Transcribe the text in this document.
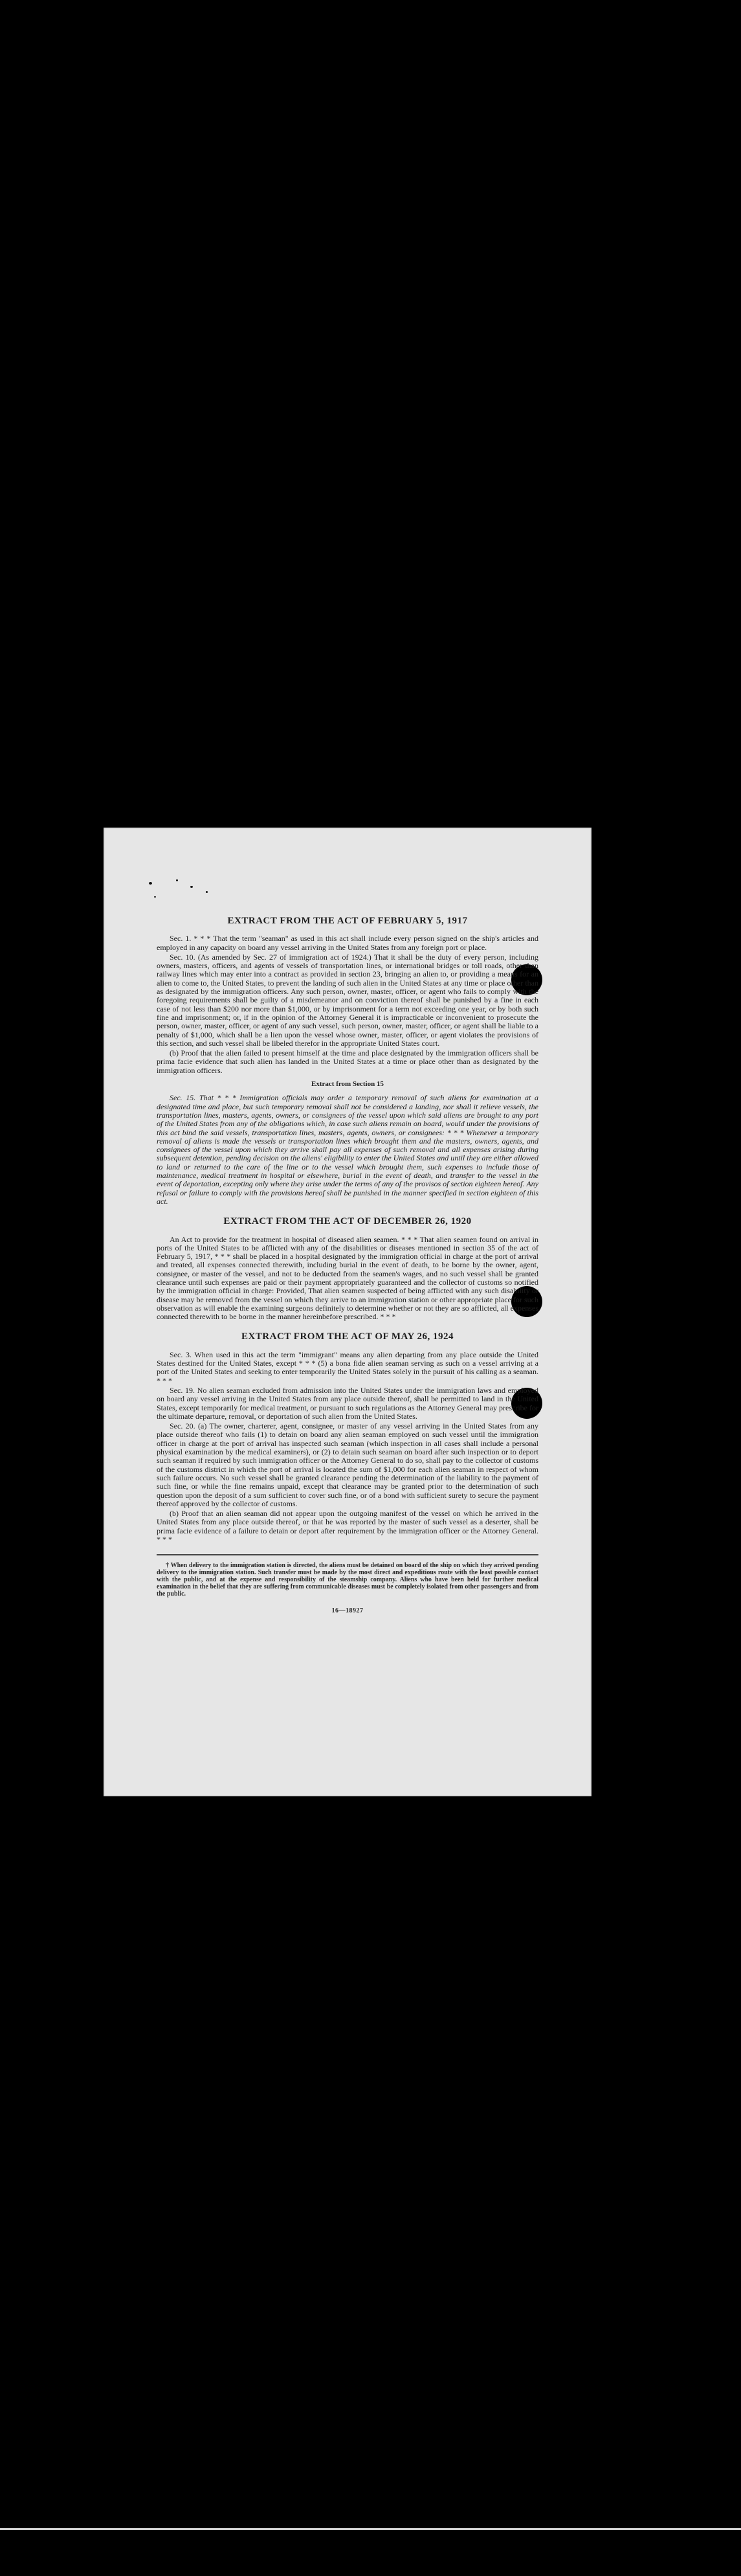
EXTRACT FROM THE ACT OF FEBRUARY 5, 1917

Sec. 1. * * * That the term "seaman" as used in this act shall include every person signed on the ship's articles and employed in any capacity on board any vessel arriving in the United States from any foreign port or place.

Sec. 10. (As amended by Sec. 27 of immigration act of 1924.) That it shall be the duty of every person, including owners, masters, officers, and agents of vessels of transportation lines, or international bridges or toll roads, other than railway lines which may enter into a contract as provided in section 23, bringing an alien to, or providing a means for an alien to come to, the United States, to prevent the landing of such alien in the United States at any time or place other than as designated by the immigration officers. Any such person, owner, master, officer, or agent who fails to comply with the foregoing requirements shall be guilty of a misdemeanor and on conviction thereof shall be punished by a fine in each case of not less than $200 nor more than $1,000, or by imprisonment for a term not exceeding one year, or by both such fine and imprisonment; or, if in the opinion of the Attorney General it is impracticable or inconvenient to prosecute the person, owner, master, officer, or agent of any such vessel, such person, owner, master, officer, or agent shall be liable to a penalty of $1,000, which shall be a lien upon the vessel whose owner, master, officer, or agent violates the provisions of this section, and such vessel shall be libeled therefor in the appropriate United States court.

(b) Proof that the alien failed to present himself at the time and place designated by the immigration officers shall be prima facie evidence that such alien has landed in the United States at a time or place other than as designated by the immigration officers.

Extract from Section 15

Sec. 15. That * * * Immigration officials may order a temporary removal of such aliens for examination at a designated time and place, but such temporary removal shall not be considered a landing, nor shall it relieve vessels, the transportation lines, masters, agents, owners, or consignees of the vessel upon which said aliens are brought to any port of the United States from any of the obligations which, in case such aliens remain on board, would under the provisions of this act bind the said vessels, transportation lines, masters, agents, owners, or consignees: * * * Whenever a temporary removal of aliens is made the vessels or transportation lines which brought them and the masters, owners, agents, and consignees of the vessel upon which they arrive shall pay all expenses of such removal and all expenses arising during subsequent detention, pending decision on the aliens' eligibility to enter the United States and until they are either allowed to land or returned to the care of the line or to the vessel which brought them, such expenses to include those of maintenance, medical treatment in hospital or elsewhere, burial in the event of death, and transfer to the vessel in the event of deportation, excepting only where they arise under the terms of any of the provisos of section eighteen hereof. Any refusal or failure to comply with the provisions hereof shall be punished in the manner specified in section eighteen of this act.

EXTRACT FROM THE ACT OF DECEMBER 26, 1920

An Act to provide for the treatment in hospital of diseased alien seamen. * * * That alien seamen found on arrival in ports of the United States to be afflicted with any of the disabilities or diseases mentioned in section 35 of the act of February 5, 1917, * * * shall be placed in a hospital designated by the immigration official in charge at the port of arrival and treated, all expenses connected therewith, including burial in the event of death, to be borne by the owner, agent, consignee, or master of the vessel, and not to be deducted from the seamen's wages, and no such vessel shall be granted clearance until such expenses are paid or their payment appropriately guaranteed and the collector of customs so notified by the immigration official in charge: Provided, That alien seamen suspected of being afflicted with any such disability or disease may be removed from the vessel on which they arrive to an immigration station or other appropriate place for such observation as will enable the examining surgeons definitely to determine whether or not they are so afflicted, all expenses connected therewith to be borne in the manner hereinbefore prescribed. * * *

EXTRACT FROM THE ACT OF MAY 26, 1924

Sec. 3. When used in this act the term "immigrant" means any alien departing from any place outside the United States destined for the United States, except * * * (5) a bona fide alien seaman serving as such on a vessel arriving at a port of the United States and seeking to enter temporarily the United States solely in the pursuit of his calling as a seaman. * * *

Sec. 19. No alien seaman excluded from admission into the United States under the immigration laws and employed on board any vessel arriving in the United States from any place outside thereof, shall be permitted to land in the United States, except temporarily for medical treatment, or pursuant to such regulations as the Attorney General may prescribe for the ultimate departure, removal, or deportation of such alien from the United States.

Sec. 20. (a) The owner, charterer, agent, consignee, or master of any vessel arriving in the United States from any place outside thereof who fails (1) to detain on board any alien seaman employed on such vessel until the immigration officer in charge at the port of arrival has inspected such seaman (which inspection in all cases shall include a personal physical examination by the medical examiners), or (2) to detain such seaman on board after such inspection or to deport such seaman if required by such immigration officer or the Attorney General to do so, shall pay to the collector of customs of the customs district in which the port of arrival is located the sum of $1,000 for each alien seaman in respect of whom such failure occurs. No such vessel shall be granted clearance pending the determination of the liability to the payment of such fine, or while the fine remains unpaid, except that clearance may be granted prior to the determination of such question upon the deposit of a sum sufficient to cover such fine, or of a bond with sufficient surety to secure the payment thereof approved by the collector of customs.

(b) Proof that an alien seaman did not appear upon the outgoing manifest of the vessel on which he arrived in the United States from any place outside thereof, or that he was reported by the master of such vessel as a deserter, shall be prima facie evidence of a failure to detain or deport after requirement by the immigration officer or the Attorney General. * * *

† When delivery to the immigration station is directed, the aliens must be detained on board of the ship on which they arrived pending delivery to the immigration station. Such transfer must be made by the most direct and expeditious route with the least possible contact with the public, and at the expense and responsibility of the steamship company. Aliens who have been held for further medical examination in the belief that they are suffering from communicable diseases must be completely isolated from other passengers and from the public.

16—18927
